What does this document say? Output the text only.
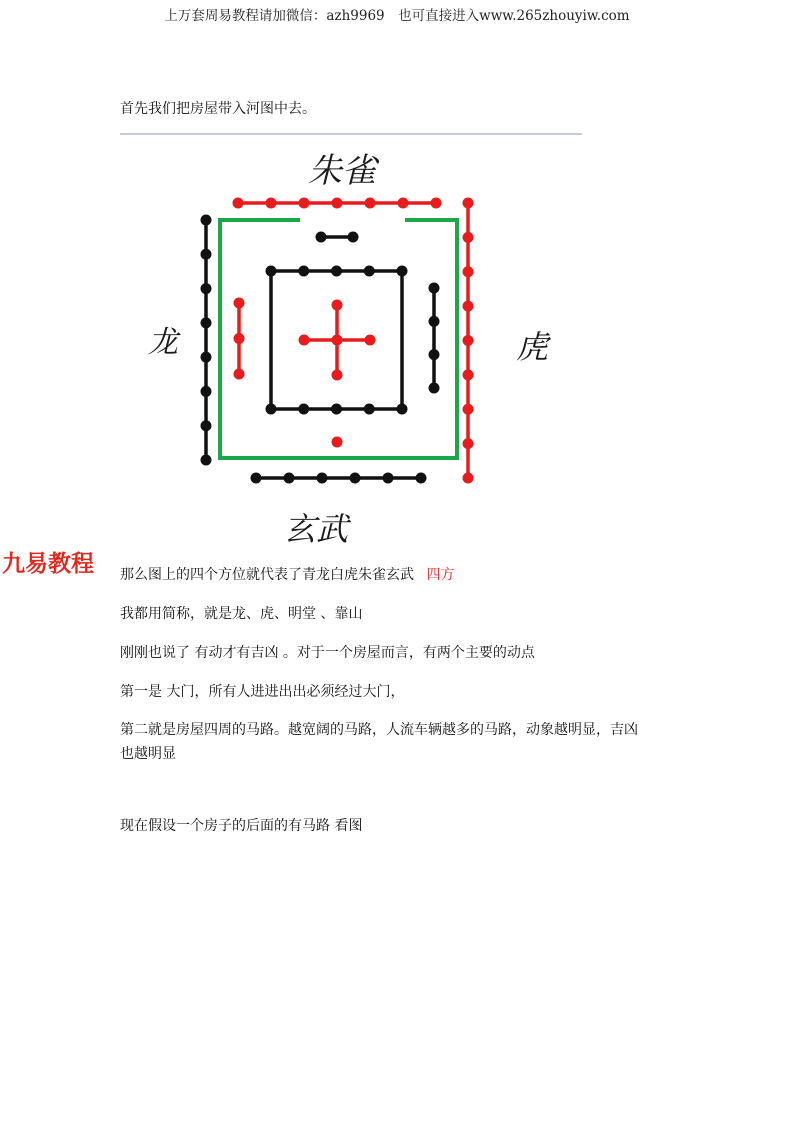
上万套周易教程请加微信：azh9969　也可直接进入www.265zhouyiw.com

首先我们把房屋带入河图中去。

朱雀
龙	虎
玄武
九易教程 那么图上的四个方位就代表了青龙白虎朱雀玄武 四方

我都用简称，就是龙、虎、明堂 、靠山

刚刚也说了 有动才有吉凶 。对于一个房屋而言，有两个主要的动点

第一是 大门，所有人进进出出必须经过大门，

第二就是房屋四周的马路。越宽阔的马路，人流车辆越多的马路，动象越明显，吉凶

也越明显

现在假设一个房子的后面的有马路 看图
